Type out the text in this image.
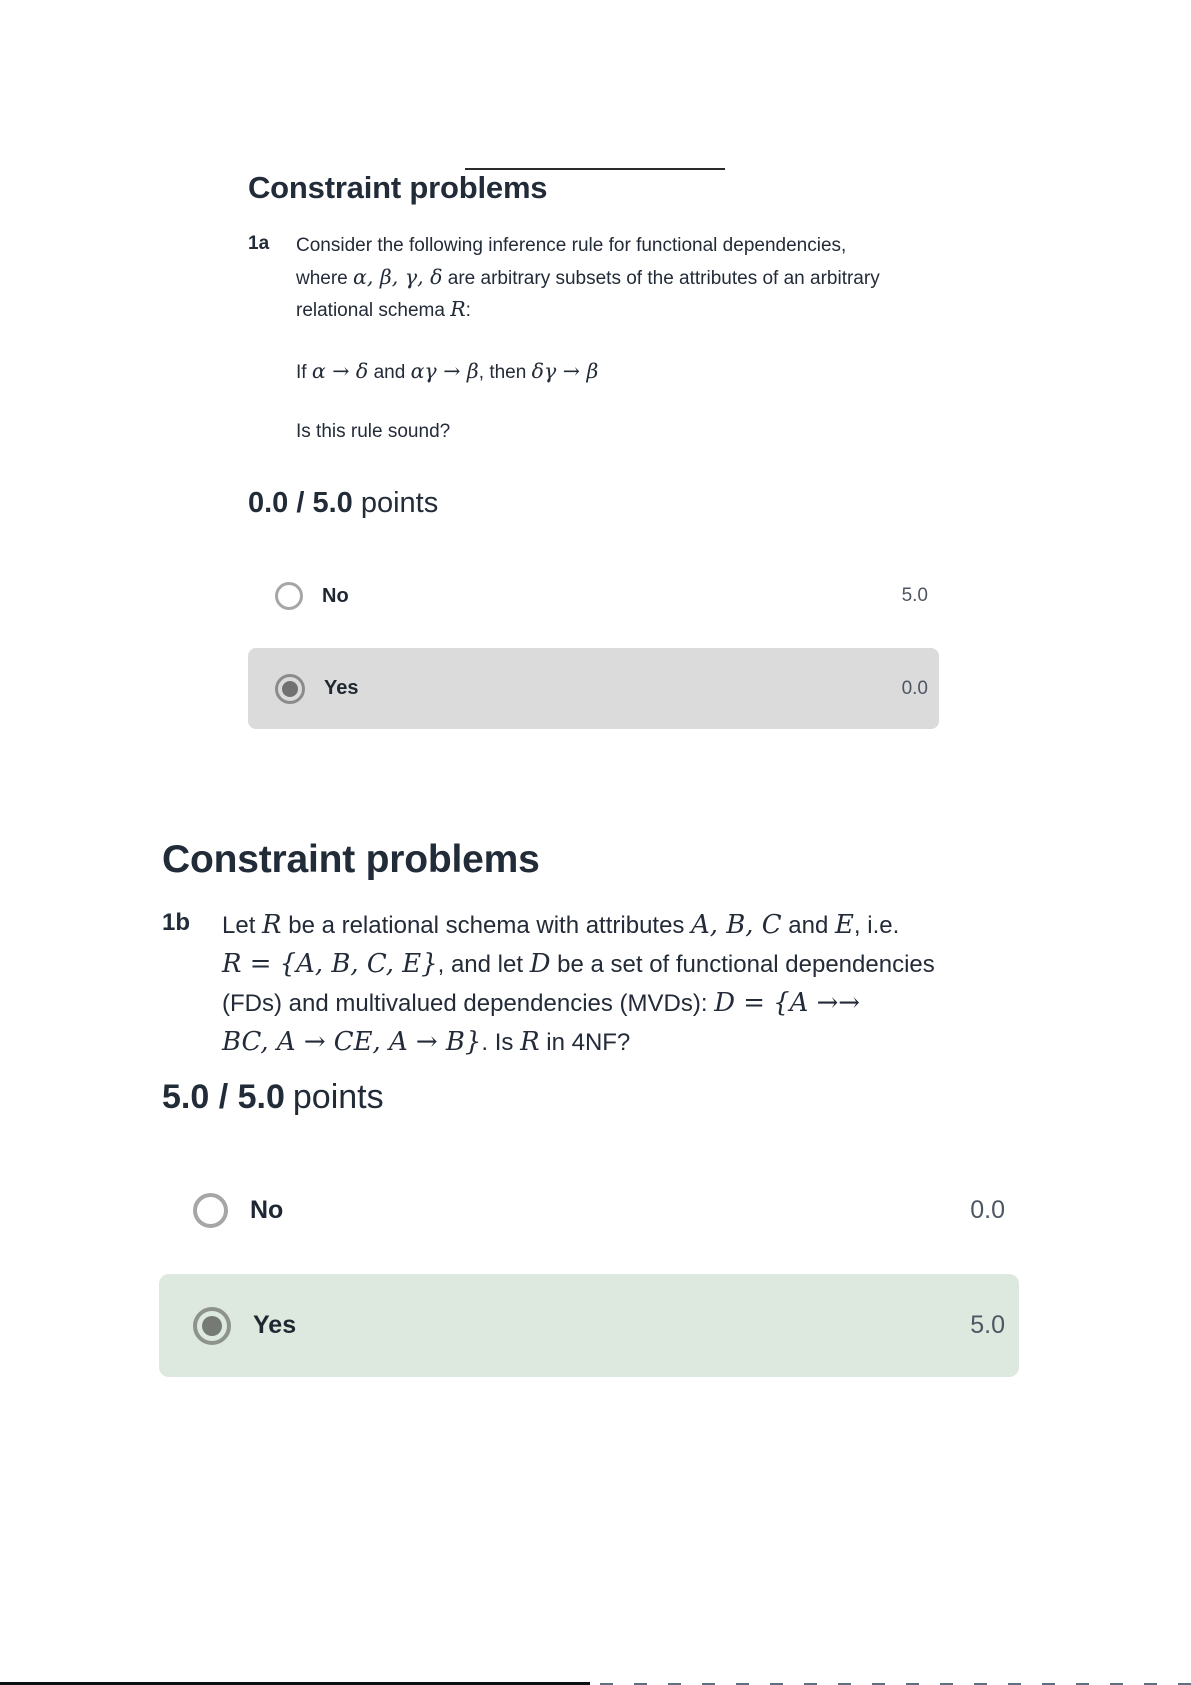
Constraint problems
1a Consider the following inference rule for functional dependencies,
where α, β, γ, δ are arbitrary subsets of the attributes of an arbitrary
relational schema R:
If α → δ and αγ → β, then δγ → β
Is this rule sound?
0.0 / 5.0 points
No	5.0
Yes	0.0
Constraint problems
1b Let R be a relational schema with attributes A, B, C and E, i.e.
R = {A, B, C, E}, and let D be a set of functional dependencies
(FDs) and multivalued dependencies (MVDs): D = {A →→
BC, A → CE, A → B}. Is R in 4NF?
5.0 / 5.0 points
No	0.0
Yes	5.0
